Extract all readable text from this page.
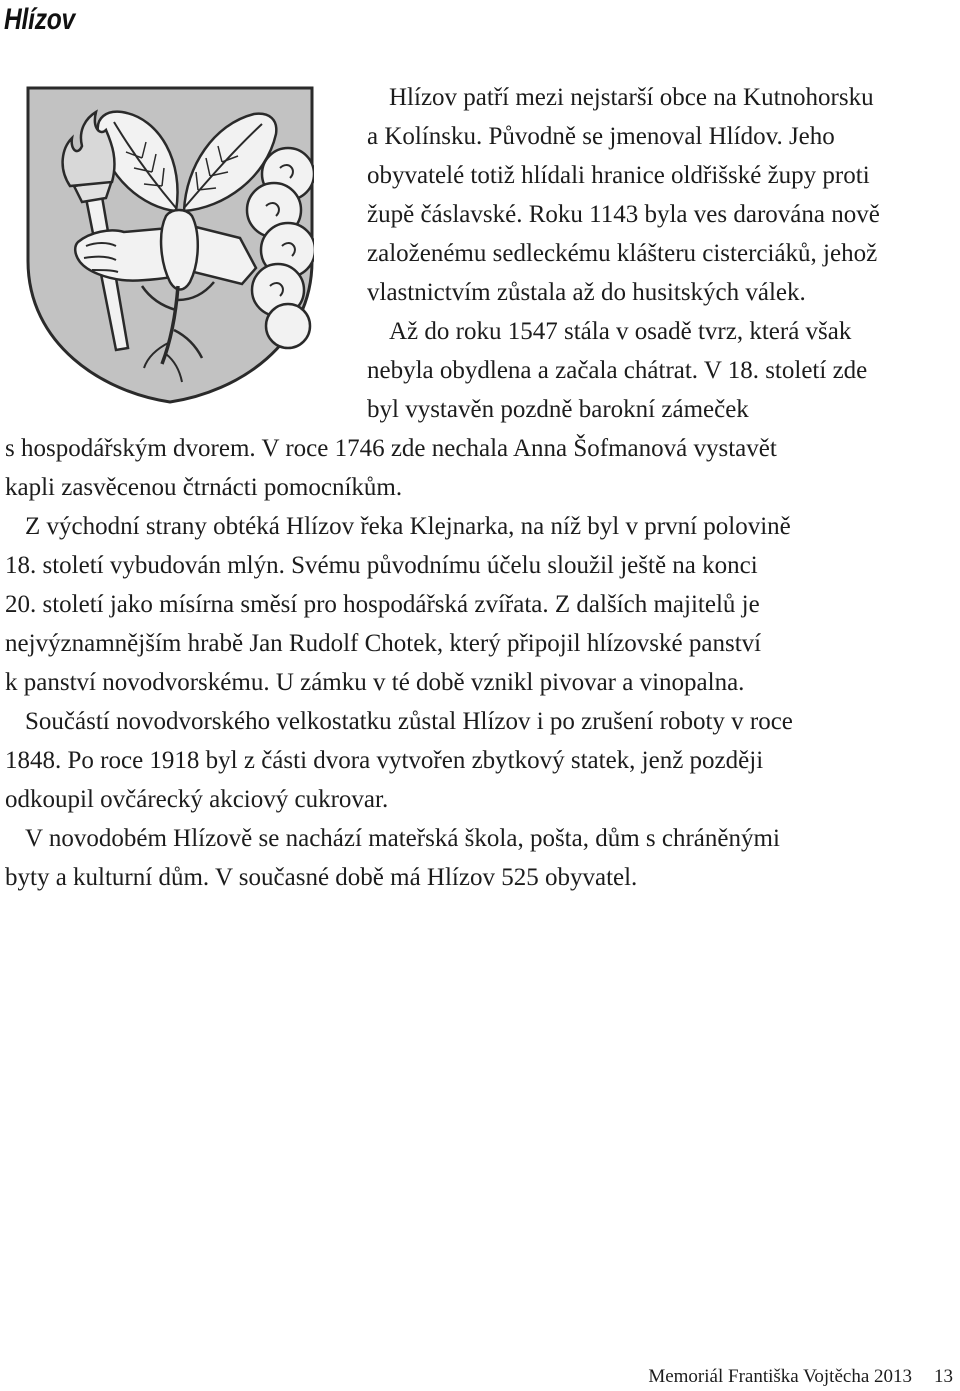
Hlízov

Hlízov patří mezi nejstarší obce na Kutnohorsku

a Kolínsku. Původně se jmenoval Hlídov. Jeho

obyvatelé totiž hlídali hranice oldřišské župy proti

župě čáslavské. Roku 1143 byla ves darována nově

založenému sedleckému klášteru cisterciáků, jehož

vlastnictvím zůstala až do husitských válek.

Až do roku 1547 stála v osadě tvrz, která však

nebyla obydlena a začala chátrat. V 18. století zde

byl vystavěn pozdně barokní zámeček

s hospodářským dvorem. V roce 1746 zde nechala Anna Šofmanová vystavět

kapli zasvěcenou čtrnácti pomocníkům.

Z východní strany obtéká Hlízov řeka Klejnarka, na níž byl v první polovině

18. století vybudován mlýn. Svému původnímu účelu sloužil ještě na konci

20. století jako mísírna směsí pro hospodářská zvířata. Z dalších majitelů je

nejvýznamnějším hrabě Jan Rudolf Chotek, který připojil hlízovské panství

k panství novodvorskému. U zámku v té době vznikl pivovar a vinopalna.

Součástí novodvorského velkostatku zůstal Hlízov i po zrušení roboty v roce

1848. Po roce 1918 byl z části dvora vytvořen zbytkový statek, jenž později

odkoupil ovčárecký akciový cukrovar.

V novodobém Hlízově se nachází mateřská škola, pošta, dům s chráněnými

byty a kulturní dům. V současné době má Hlízov 525 obyvatel.

Memoriál Františka Vojtěcha 2013 13
